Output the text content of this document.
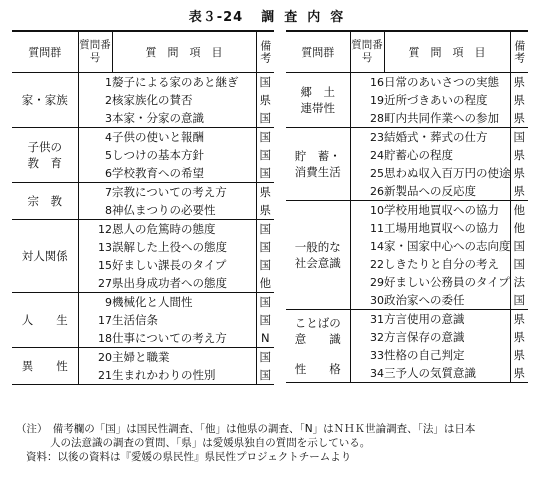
表３-24 調査内容
質問群	質問番号	質　問　項　目	備考

家・家族	1	嫠子による家のあと継ぎ	国
	2	核家族化の賛否	県
	3	本家・分家の意識	国

子供の
教　育	4	子供の使いと報酬	国
	5	しつけの基本方針	国
	6	学校教育への希望	国

宗　教	7	宗教についての考え方	県
	8	神仏まつりの必要性	県

対人関係	12	恩人の危篤時の態度	国
	13	誤解した上役への態度	国
	15	好ましい課長のタイプ	国
	27	県出身成功者への態度	他

人　　生	9	機械化と人間性	国
	17	生活信条	国
	18	仕事についての考え方	N

異　　性	20	主婦と職業	国
	21	生まれかわりの性別	国
質問群	質問番号	質　問　項　目	備考

郷　土
連帯性	16	日常のあいさつの実態	県
	19	近所づきあいの程度	県
	28	町内共同作業への参加	県

貯　蓄・
消費生活	23	結婚式・葬式の仕方	国
	24	貯蓄心の程度	県
	25	思わぬ収入百万円の使途	県
	26	新製品への反応度	県

一般的な
社会意識	10	学校用地買収への協力	他
	11	工場用地買収への協力	他
	14	家・国家中心への志向度	国
	22	しきたりと自分の考え	国
	29	好ましい公務員のタイプ	法
	30	政治家への委任	国

ことばの
意　　識
性　　格	31	方言使用の意識	県
	32	方言保存の意識	県
	33	性格の自己判定	県
	34	三予人の気質意識	県
（注）　備考欄の「国」は国民性調査、「他」は他県の調査、「N」はＮＨＫ世論調査、「法」は日本
人の法意識の調査の質問、「県」は愛媛県独自の質問を示している。
資料：以後の資料は『愛媛の県民性』県民性プロジェクトチームより
